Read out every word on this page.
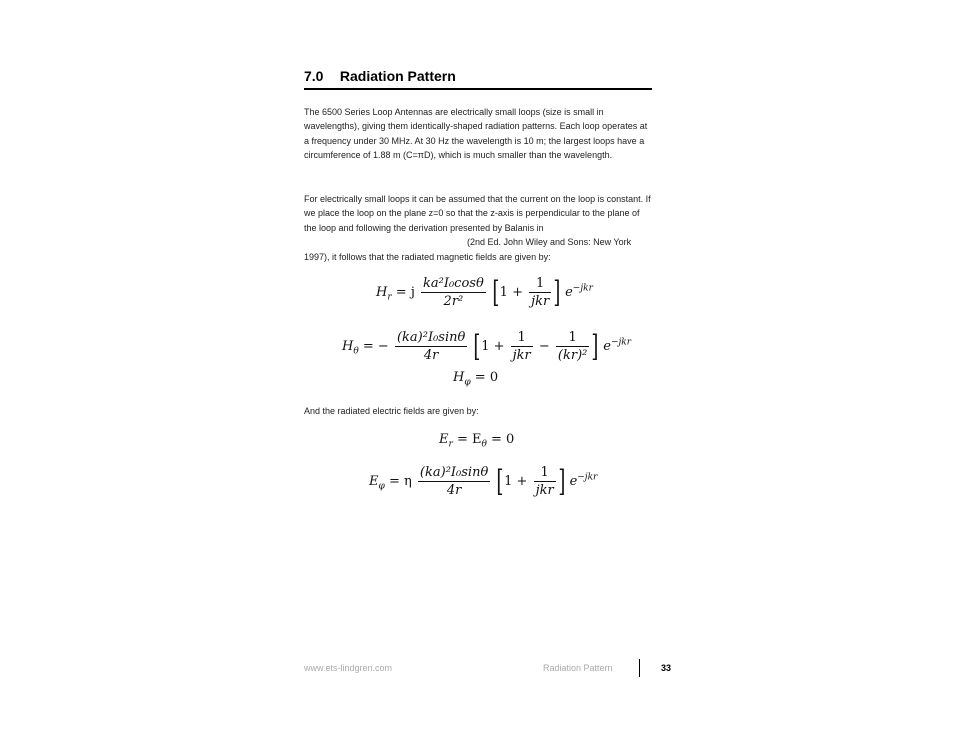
7.0 Radiation Pattern

The 6500 Series Loop Antennas are electrically small loops (size is small in wavelengths), giving them identically-shaped radiation patterns. Each loop operates at a frequency under 30 MHz. At 30 Hz the wavelength is 10 m; the largest loops have a circumference of 1.88 m (C=πD), which is much smaller than the wavelength.

For electrically small loops it can be assumed that the current on the loop is constant. If we place the loop on the plane z=0 so that the z-axis is perpendicular to the plane of the loop and following the derivation presented by Balanis in
(2nd Ed. John Wiley and Sons: New York
1997), it follows that the radiated magnetic fields are given by:

$H_r = j \frac{\text{ka²I₀cosθ}}{\text{2r²}} [1 + \frac{1}{\text{jkr}}$ ] $e^{-jkr}$
$H_\theta$ = − $\frac{\text{(ka)²I₀sinθ}}{4r} [1 + \frac{1}{\text{jkr}} - \frac{1}{\text{(kr)²}}$ ] $e^{-jkr}$
$H_\varphi = 0$

And the radiated electric fields are given by:

$E_r = E_\theta = 0$
$E_\varphi = \eta \frac{\text{(ka)²I₀sinθ}}{4r} [1 + \frac{1}{\text{jkr}}$ ] $e^{-jkr}$
www.ets-lindgren.com	Radiation Pattern	33
